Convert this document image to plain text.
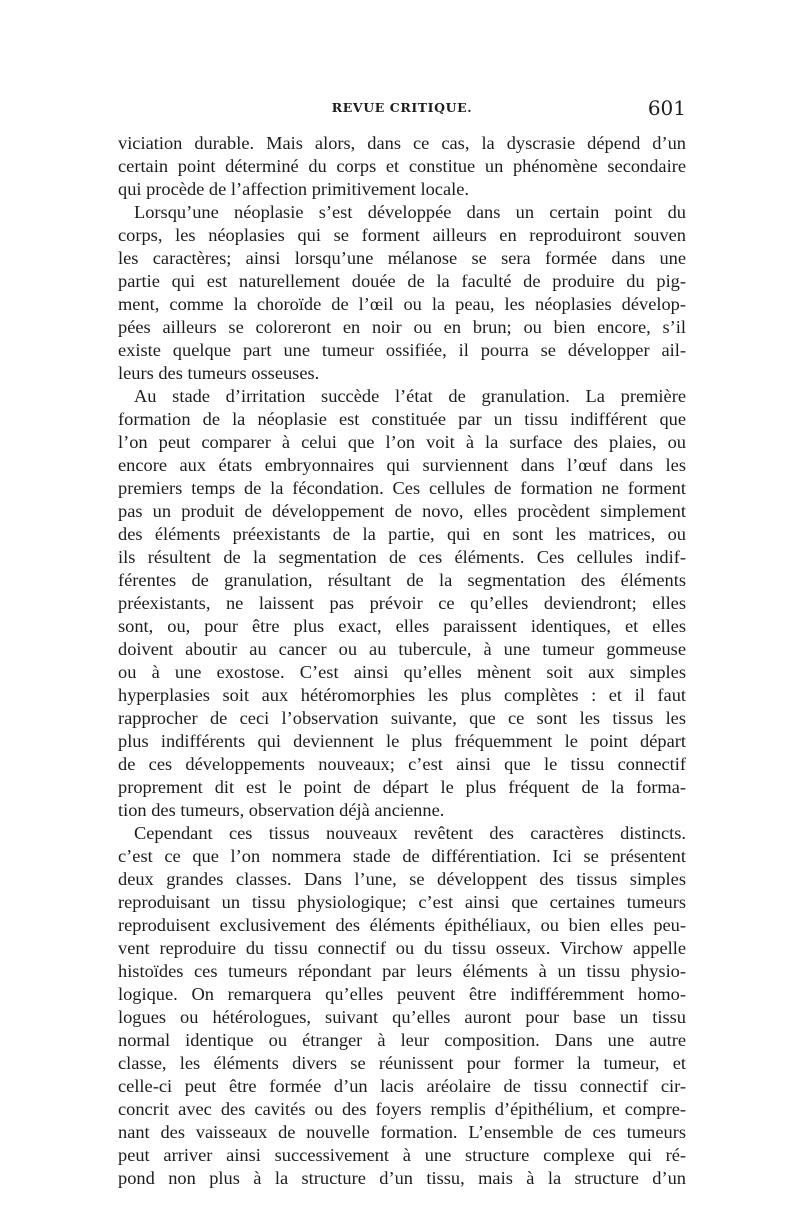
REVUE CRITIQUE.	601
viciation durable. Mais alors, dans ce cas, la dyscrasie dépend d’un
certain point déterminé du corps et constitue un phénomène secondaire
qui procède de l’affection primitivement locale.
Lorsqu’une néoplasie s’est développée dans un certain point du
corps, les néoplasies qui se forment ailleurs en reproduiront souven
les caractères; ainsi lorsqu’une mélanose se sera formée dans une
partie qui est naturellement douée de la faculté de produire du pig-
ment, comme la choroïde de l’œil ou la peau, les néoplasies dévelop-
pées ailleurs se coloreront en noir ou en brun; ou bien encore, s’il
existe quelque part une tumeur ossifiée, il pourra se développer ail-
leurs des tumeurs osseuses.
Au stade d’irritation succède l’état de granulation. La première
formation de la néoplasie est constituée par un tissu indifférent que
l’on peut comparer à celui que l’on voit à la surface des plaies, ou
encore aux états embryonnaires qui surviennent dans l’œuf dans les
premiers temps de la fécondation. Ces cellules de formation ne forment
pas un produit de développement de novo, elles procèdent simplement
des éléments préexistants de la partie, qui en sont les matrices, ou
ils résultent de la segmentation de ces éléments. Ces cellules indif-
férentes de granulation, résultant de la segmentation des éléments
préexistants, ne laissent pas prévoir ce qu’elles deviendront; elles
sont, ou, pour être plus exact, elles paraissent identiques, et elles
doivent aboutir au cancer ou au tubercule, à une tumeur gommeuse
ou à une exostose. C’est ainsi qu’elles mènent soit aux simples
hyperplasies soit aux hétéromorphies les plus complètes : et il faut
rapprocher de ceci l’observation suivante, que ce sont les tissus les
plus indifférents qui deviennent le plus fréquemment le point départ
de ces développements nouveaux; c’est ainsi que le tissu connectif
proprement dit est le point de départ le plus fréquent de la forma-
tion des tumeurs, observation déjà ancienne.
Cependant ces tissus nouveaux revêtent des caractères distincts.
c’est ce que l’on nommera stade de différentiation. Ici se présentent
deux grandes classes. Dans l’une, se développent des tissus simples
reproduisant un tissu physiologique; c’est ainsi que certaines tumeurs
reproduisent exclusivement des éléments épithéliaux, ou bien elles peu-
vent reproduire du tissu connectif ou du tissu osseux. Virchow appelle
histoïdes ces tumeurs répondant par leurs éléments à un tissu physio-
logique. On remarquera qu’elles peuvent être indifféremment homo-
logues ou hétérologues, suivant qu’elles auront pour base un tissu
normal identique ou étranger à leur composition. Dans une autre
classe, les éléments divers se réunissent pour former la tumeur, et
celle-ci peut être formée d’un lacis aréolaire de tissu connectif cir-
concrit avec des cavités ou des foyers remplis d’épithélium, et compre-
nant des vaisseaux de nouvelle formation. L’ensemble de ces tumeurs
peut arriver ainsi successivement à une structure complexe qui ré-
pond non plus à la structure d’un tissu, mais à la structure d’un
